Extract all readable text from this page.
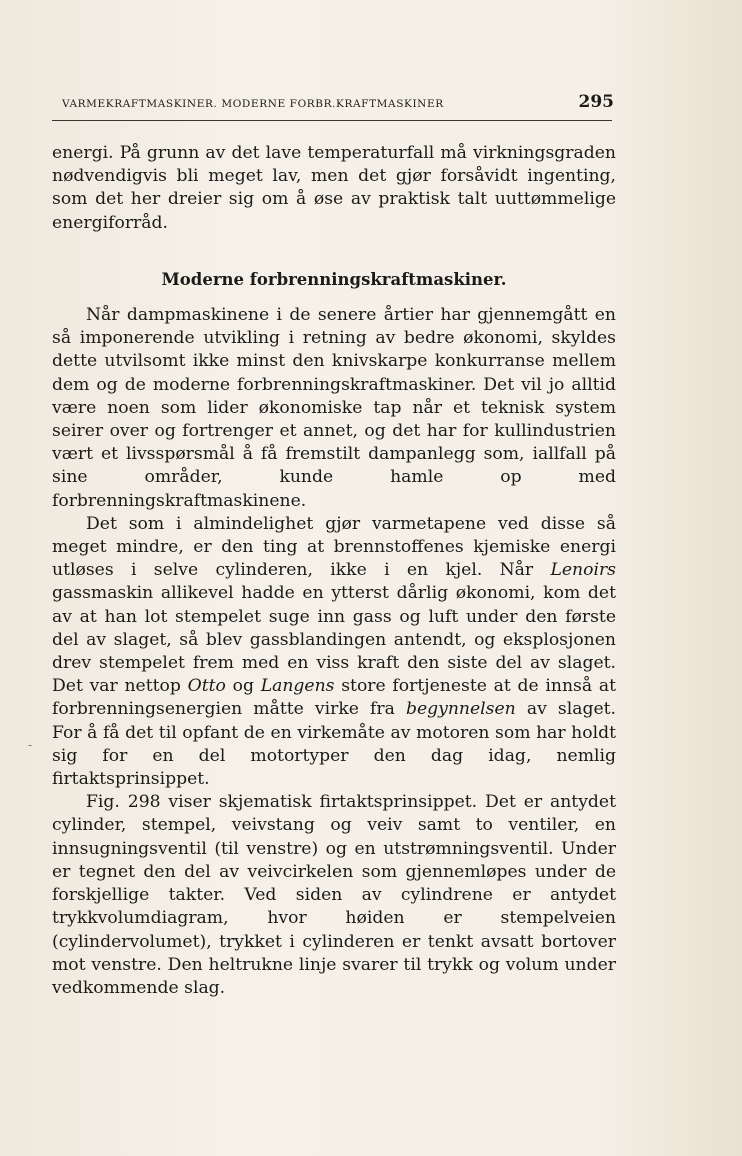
VARMEKRAFTMASKINER. MODERNE FORBR.KRAFTMASKINER	295
-

energi. På grunn av det lave temperaturfall må virkningsgraden nødvendigvis bli meget lav, men det gjør forsåvidt ingenting, som det her dreier sig om å øse av praktisk talt uuttømmelige energiforråd.

Moderne forbrenningskraftmaskiner.

Når dampmaskinene i de senere årtier har gjennemgått en så imponerende utvikling i retning av bedre økonomi, skyldes dette utvilsomt ikke minst den knivskarpe konkurranse mellem dem og de moderne forbrenningskraftmaskiner. Det vil jo alltid være noen som lider økonomiske tap når et teknisk system seirer over og fortrenger et annet, og det har for kullindustrien vært et livsspørsmål å få fremstilt dampanlegg som, iallfall på sine områder, kunde hamle op med forbrenningskraftmaskinene.

Det som i almindelighet gjør varmetapene ved disse så meget mindre, er den ting at brennstoffenes kjemiske energi utløses i selve cylinderen, ikke i en kjel. Når Lenoirs gassmaskin allikevel hadde en ytterst dårlig økonomi, kom det av at han lot stempelet suge inn gass og luft under den første del av slaget, så blev gassblandingen antendt, og eksplosjonen drev stempelet frem med en viss kraft den siste del av slaget. Det var nettop Otto og Langens store fortjeneste at de innså at forbrenningsenergien måtte virke fra begynnelsen av slaget. For å få det til opfant de en virkemåte av motoren som har holdt sig for en del motortyper den dag idag, nemlig firtaktsprinsippet.

Fig. 298 viser skjematisk firtaktsprinsippet. Det er antydet cylinder, stempel, veivstang og veiv samt to ventiler, en innsugningsventil (til venstre) og en utstrømningsventil. Under er tegnet den del av veivcirkelen som gjennemløpes under de forskjellige takter. Ved siden av cylindrene er antydet trykkvolumdiagram, hvor høiden er stempelveien (cylindervolumet), trykket i cylinderen er tenkt avsatt bortover mot venstre. Den heltrukne linje svarer til trykk og volum under vedkommende slag.
